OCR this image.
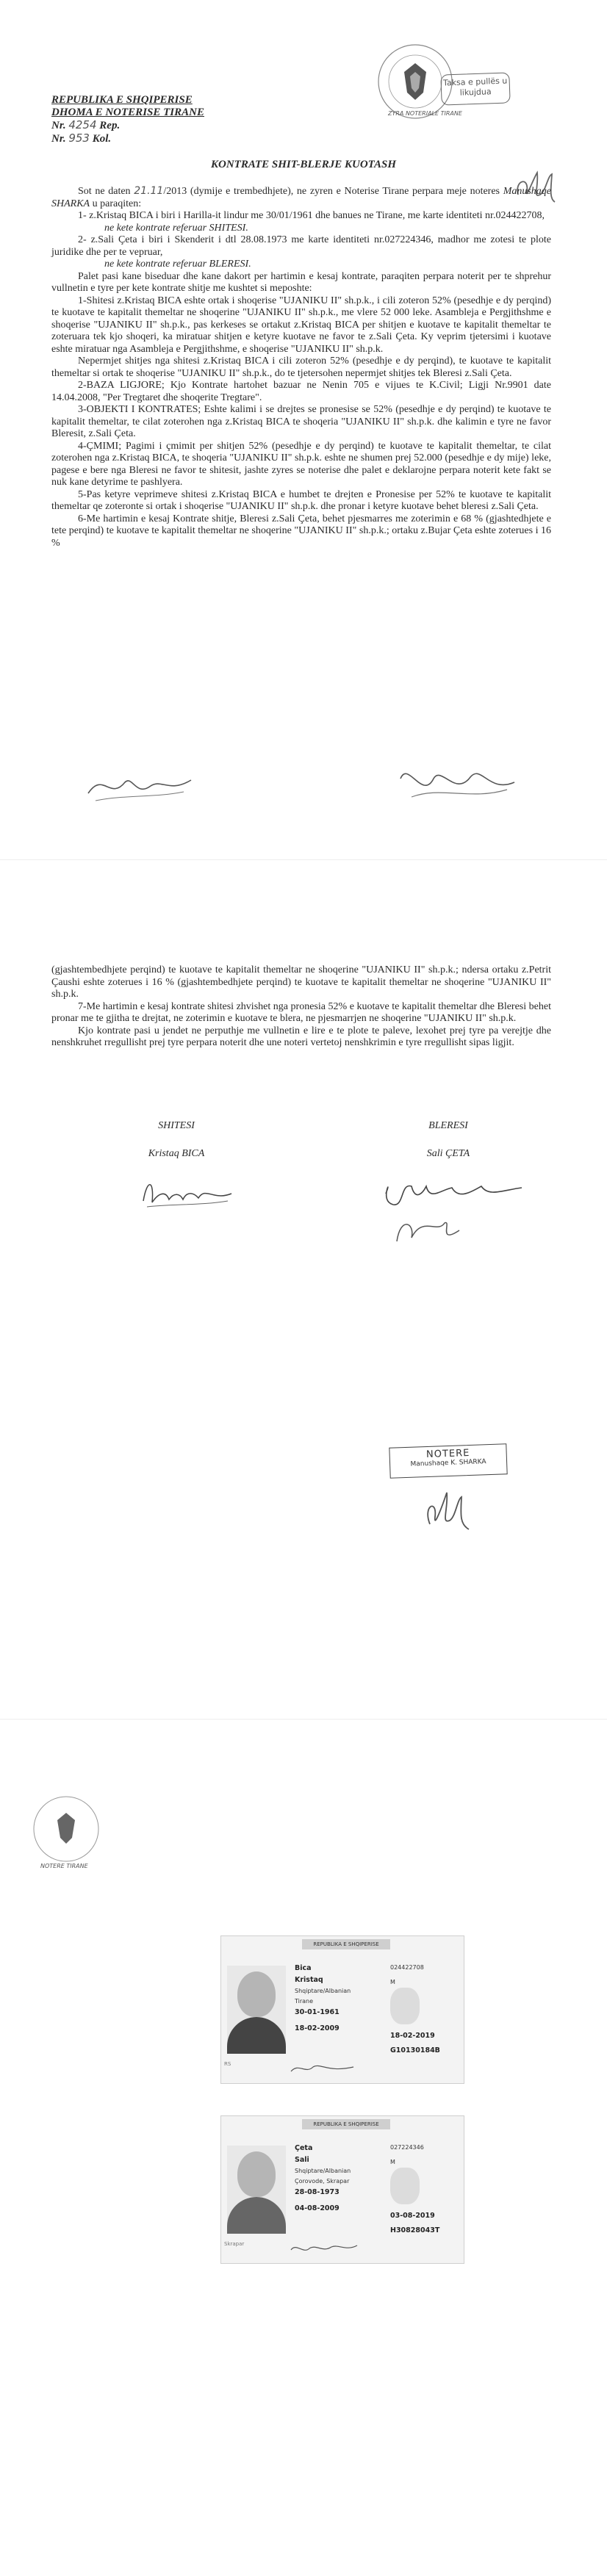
ZYRA NOTERIALE TIRANE
Taksa e pullës u likujdua
REPUBLIKA E SHQIPERISE
DHOMA E NOTERISE TIRANE
Nr. 4254 Rep.
Nr. 953 Kol.
KONTRATE SHIT-BLERJE KUOTASH

Sot ne daten 21.11/2013 (dymije e trembedhjete), ne zyren e Noterise Tirane perpara meje noteres Manushaqe SHARKA u paraqiten:

1- z.Kristaq BICA i biri i Harilla-it lindur me 30/01/1961 dhe banues ne Tirane, me karte identiteti nr.024422708,

ne kete kontrate referuar SHITESI.

2- z.Sali Çeta i biri i Skenderit i dtl 28.08.1973 me karte identiteti nr.027224346, madhor me zotesi te plote juridike dhe per te vepruar,

ne kete kontrate referuar BLERESI.

Palet pasi kane biseduar dhe kane dakort per hartimin e kesaj kontrate, paraqiten perpara noterit per te shprehur vullnetin e tyre per kete kontrate shitje me kushtet si meposhte:

1-Shitesi z.Kristaq BICA eshte ortak i shoqerise "UJANIKU II" sh.p.k., i cili zoteron 52% (pesedhje e dy perqind) te kuotave te kapitalit themeltar ne shoqerine "UJANIKU II" sh.p.k., me vlere 52 000 leke. Asambleja e Pergjithshme e shoqerise "UJANIKU II" sh.p.k., pas kerkeses se ortakut z.Kristaq BICA per shitjen e kuotave te kapitalit themeltar te zoteruara tek kjo shoqeri, ka miratuar shitjen e ketyre kuotave ne favor te z.Sali Çeta. Ky veprim tjetersimi i kuotave eshte miratuar nga Asambleja e Pergjithshme, e shoqerise "UJANIKU II" sh.p.k.

Nepermjet shitjes nga shitesi z.Kristaq BICA i cili zoteron 52% (pesedhje e dy perqind), te kuotave te kapitalit themeltar si ortak te shoqerise "UJANIKU II" sh.p.k., do te tjetersohen nepermjet shitjes tek Bleresi z.Sali Çeta.

2-BAZA LIGJORE; Kjo Kontrate hartohet bazuar ne Nenin 705 e vijues te K.Civil; Ligji Nr.9901 date 14.04.2008, "Per Tregtaret dhe shoqerite Tregtare".

3-OBJEKTI I KONTRATES; Eshte kalimi i se drejtes se pronesise se 52% (pesedhje e dy perqind) te kuotave te kapitalit themeltar, te cilat zoterohen nga z.Kristaq BICA te shoqeria "UJANIKU II" sh.p.k. dhe kalimin e tyre ne favor Bleresit, z.Sali Çeta.

4-ÇMIMI; Pagimi i çmimit per shitjen 52% (pesedhje e dy perqind) te kuotave te kapitalit themeltar, te cilat zoterohen nga z.Kristaq BICA, te shoqeria "UJANIKU II" sh.p.k. eshte ne shumen prej 52.000 (pesedhje e dy mije) leke, pagese e bere nga Bleresi ne favor te shitesit, jashte zyres se noterise dhe palet e deklarojne perpara noterit kete fakt se nuk kane detyrime te pashlyera.

5-Pas ketyre veprimeve shitesi z.Kristaq BICA e humbet te drejten e Pronesise per 52% te kuotave te kapitalit themeltar qe zoteronte si ortak i shoqerise "UJANIKU II" sh.p.k. dhe pronar i ketyre kuotave behet bleresi z.Sali Çeta.

6-Me hartimin e kesaj Kontrate shitje, Bleresi z.Sali Çeta, behet pjesmarres me zoterimin e 68 % (gjashtedhjete e tete perqind) te kuotave te kapitalit themeltar ne shoqerine "UJANIKU II" sh.p.k.; ortaku z.Bujar Çeta eshte zoterues i 16 %

(gjashtembedhjete perqind) te kuotave te kapitalit themeltar ne shoqerine "UJANIKU II" sh.p.k.; ndersa ortaku z.Petrit Çaushi eshte zoterues i 16 % (gjashtembedhjete perqind) te kuotave te kapitalit themeltar ne shoqerine "UJANIKU II" sh.p.k.

7-Me hartimin e kesaj kontrate shitesi zhvishet nga pronesia 52% e kuotave te kapitalit themeltar dhe Bleresi behet pronar me te gjitha te drejtat, ne zoterimin e kuotave te blera, ne pjesmarrjen ne shoqerine "UJANIKU II" sh.p.k.

Kjo kontrate pasi u jendet ne perputhje me vullnetin e lire e te plote te paleve, lexohet prej tyre pa verejtje dhe nenshkruhet rregullisht prej tyre perpara noterit dhe une noteri vertetoj nenshkrimin e tyre rregullisht sipas ligjit.

SHITESI
Kristaq BICA
BLERESI
Sali ÇETA
NOTERE
Manushaqe K. SHARKA
NOTERE TIRANE
REPUBLIKA E SHQIPERISE
Bica
Kristaq
Shqiptare/Albanian
Tirane
30-01-1961
18-02-2009
024422708
M
18-02-2019
G10130184B
RS
REPUBLIKA E SHQIPERISE
Çeta
Sali
Shqiptare/Albanian
Çorovode, Skrapar
28-08-1973
04-08-2009
027224346
M
03-08-2019
H30828043T
Skrapar
